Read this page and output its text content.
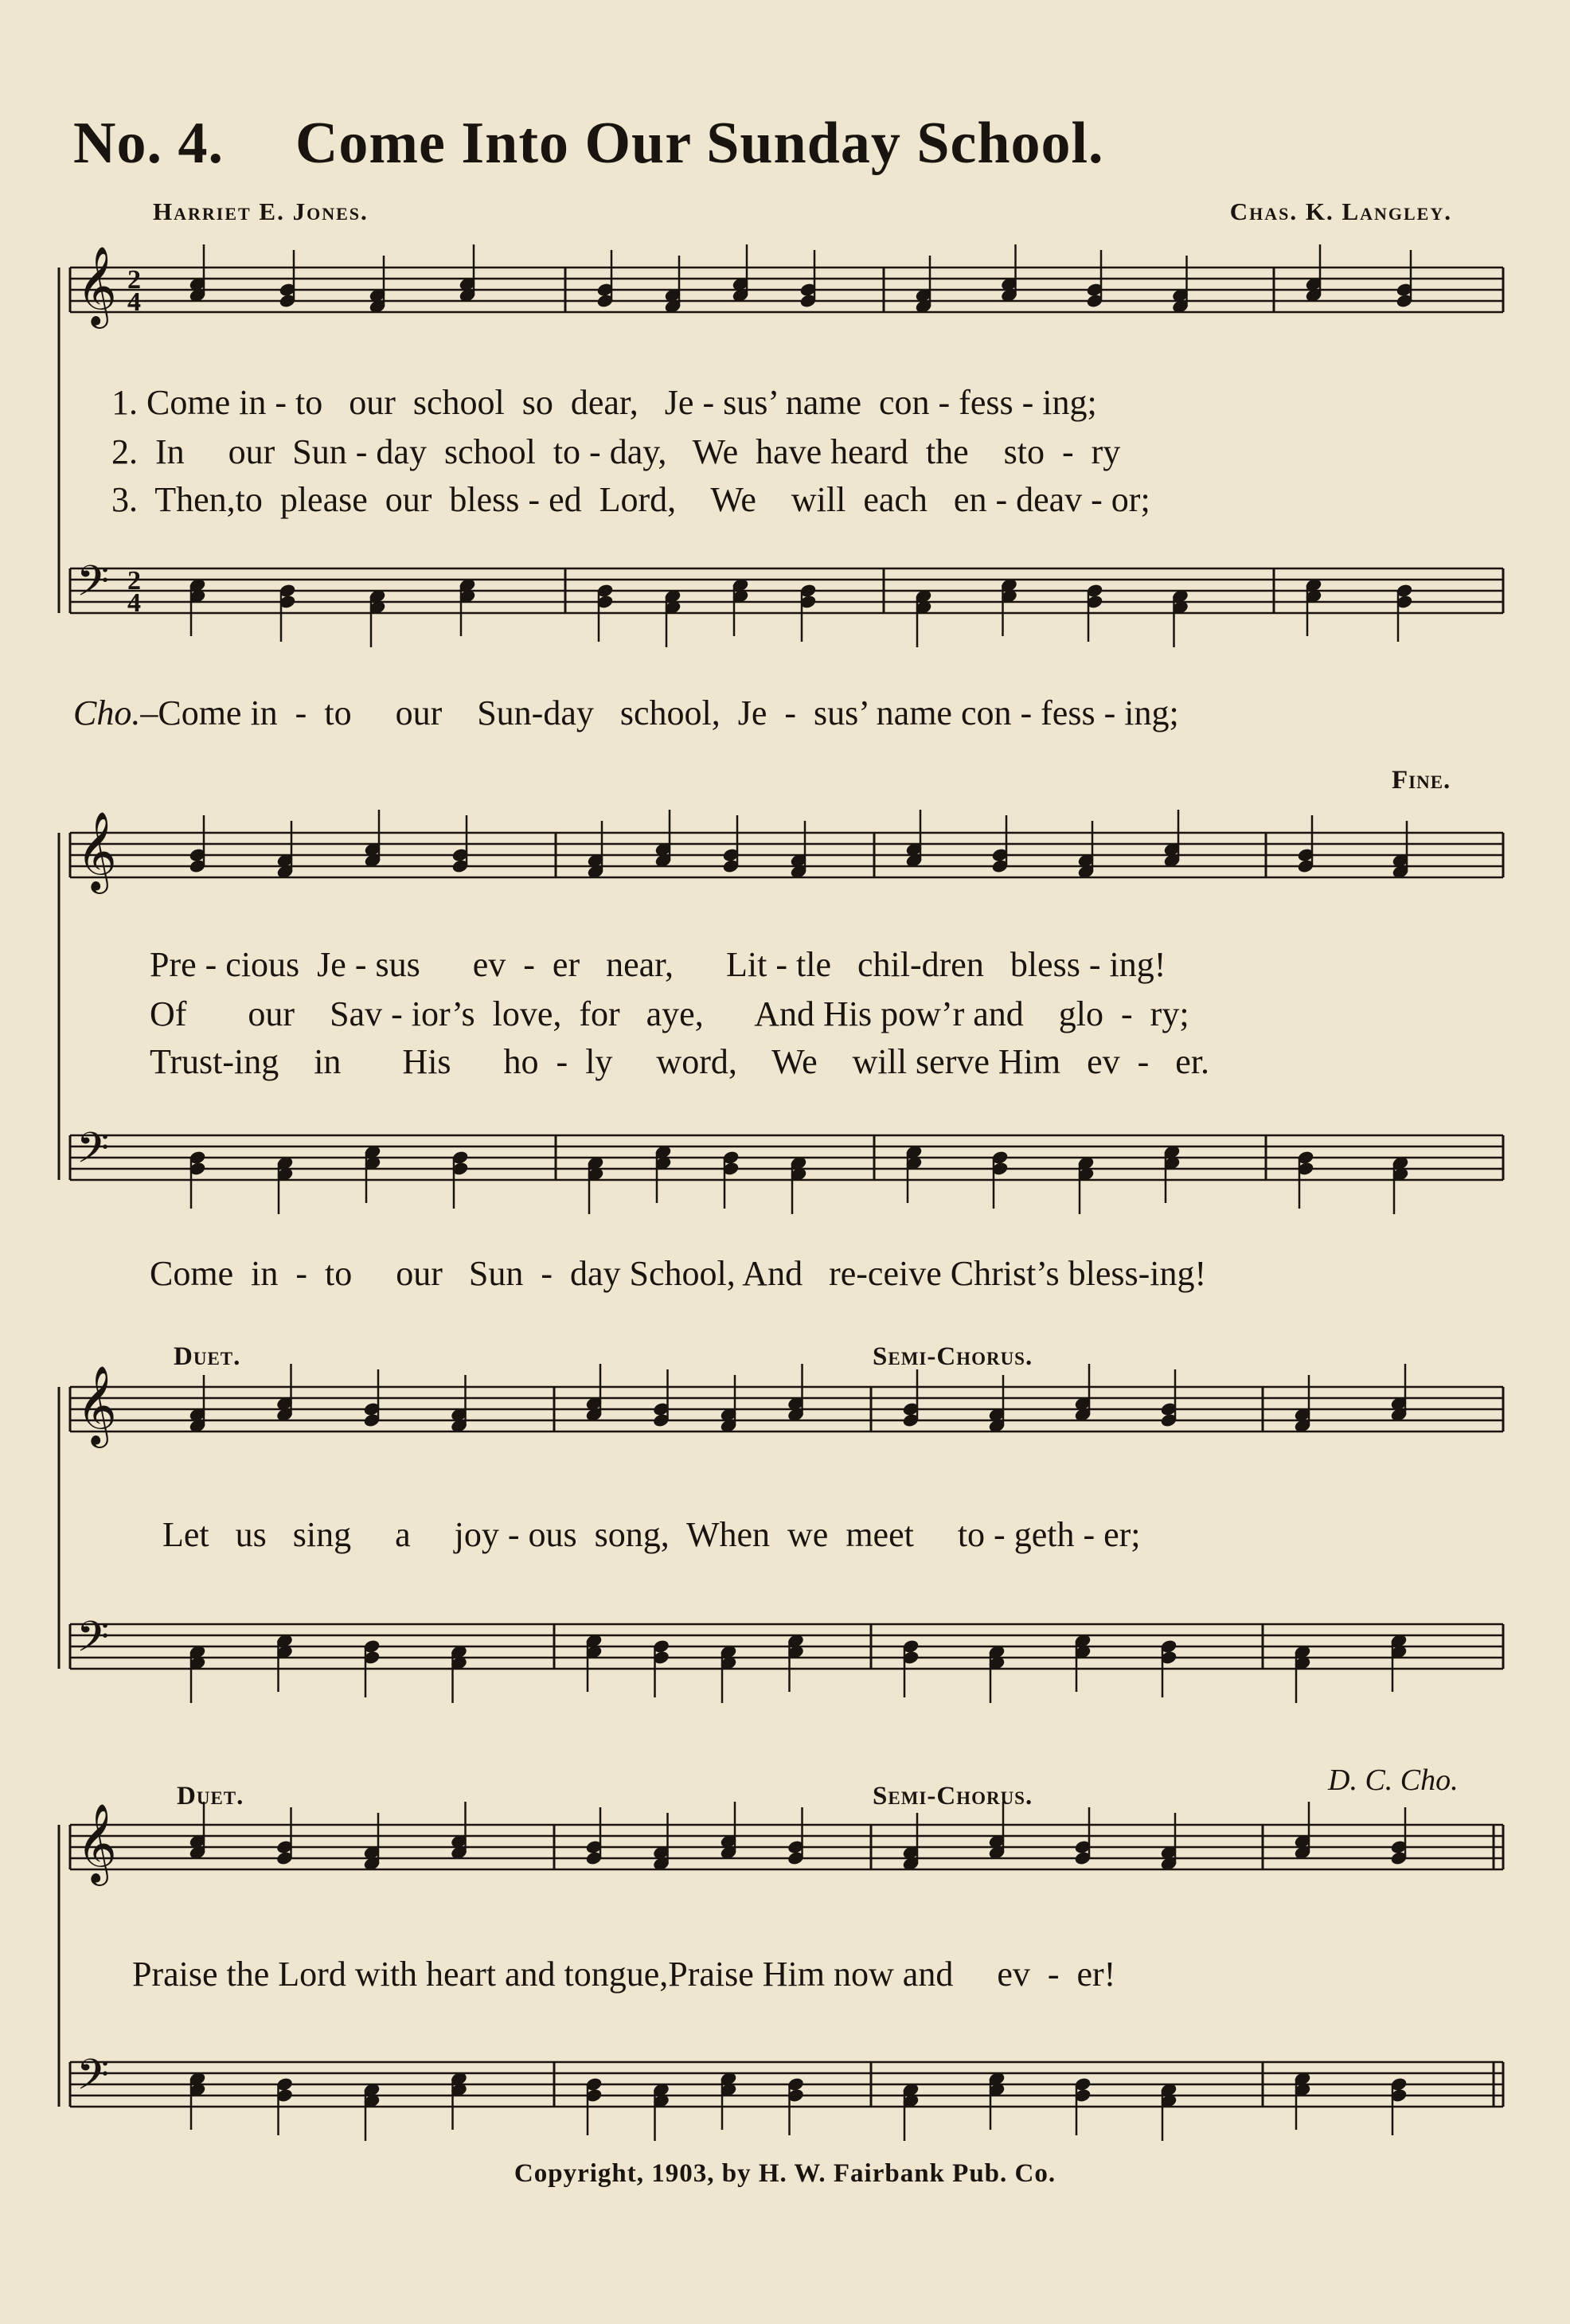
No. 4. Come Into Our Sunday School.
Harriet E. Jones.	Chas. K. Langley.
𝄞 2
4
𝄢 2
4
𝄞
𝄢
𝄞
𝄢
𝄞
𝄢
1. Come in - to   our  school  so  dear,   Je - sus’ name  con - fess - ing;
2.  In     our  Sun - day  school  to - day,   We  have heard  the    sto  -  ry
3.  Then,to  please  our  bless - ed  Lord,    We    will  each   en - deav - or;
Cho.–Come in  -  to     our    Sun-day   school,  Je  -  sus’ name con - fess - ing;
Fine.
Pre - cious  Je - sus      ev  -  er   near,      Lit - tle   chil-dren   bless - ing!
Of       our    Sav - ior’s  love,  for   aye,      And His pow’r and    glo  -  ry;
Trust-ing    in       His      ho  -  ly     word,    We    will serve Him   ev  -   er.
Come  in  -  to     our   Sun  -  day School, And   re-ceive Christ’s bless-ing!
Duet.	Semi-Chorus.
Let   us   sing     a     joy - ous  song,  When  we  meet     to - geth - er;
Duet.	Semi-Chorus.	D. C. Cho.
Praise the Lord with heart and tongue,Praise Him now and     ev  -  er!
Copyright, 1903, by H. W. Fairbank Pub. Co.
